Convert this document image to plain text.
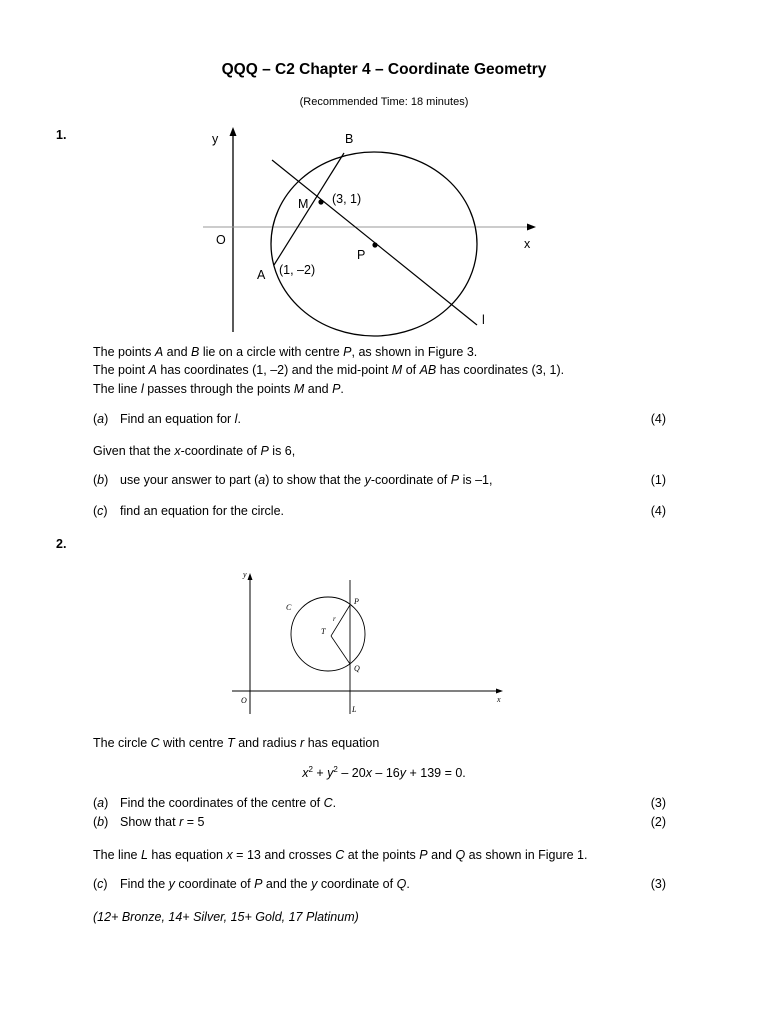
QQQ – C2 Chapter 4 – Coordinate Geometry
(Recommended Time: 18 minutes)
1.	y
x
O
B
M (3, 1)
P
A (1, –2)
l
The points A and B lie on a circle with centre P, as shown in Figure 3.
The point A has coordinates (1, –2) and the mid-point M of AB has coordinates (3, 1).
The line l passes through the points M and P.
(a) Find an equation for l.	(4)
Given that the x-coordinate of P is 6,
(b) use your answer to part (a) to show that the y-coordinate of P is –1,	(1)
(c) find an equation for the circle.	(4)
2.
y
x
O
C
T
r
P
Q
L
The circle C with centre T and radius r has equation
$x^2 + y^2 - 20x - 16y + 139 = 0$.
(a) Find the coordinates of the centre of C.	(3)
(b) Show that r = 5	(2)
The line L has equation x = 13 and crosses C at the points P and Q as shown in Figure 1.
(c) Find the y coordinate of P and the y coordinate of Q.	(3)
(12+ Bronze, 14+ Silver, 15+ Gold, 17 Platinum)
